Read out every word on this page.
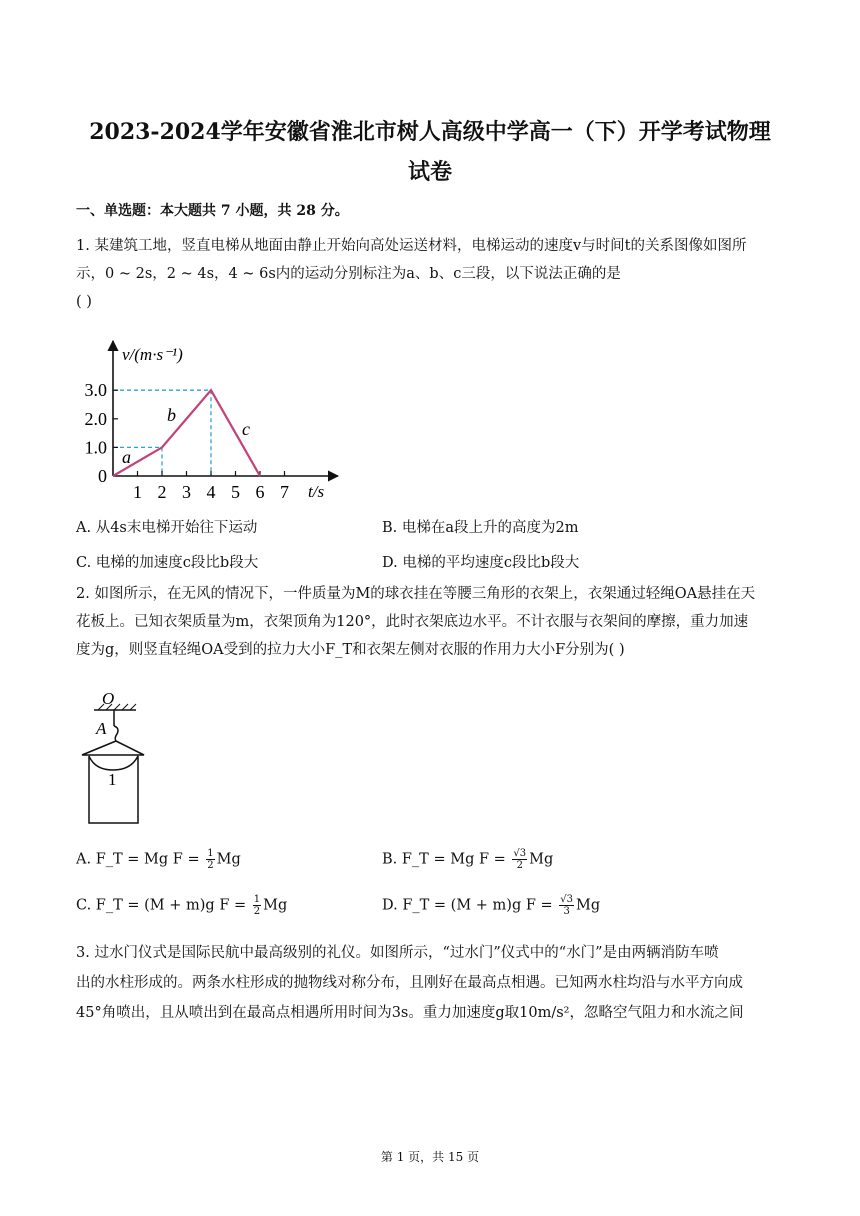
2023-2024学年安徽省淮北市树人高级中学高一（下）开学考试物理
试卷
一、单选题：本大题共 7 小题，共 28 分。
1. 某建筑工地，竖直电梯从地面由静止开始向高处运送材料，电梯运动的速度v与时间t的关系图像如图所
示，0 ~ 2s，2 ~ 4s，4 ~ 6s内的运动分别标注为a、b、c三段，以下说法正确的是
( )
1 2 3 4 5 6 7
3.0
2.0
1.0
0
v/(m·s⁻¹)
t/s
a
b
c
A. 从4s末电梯开始往下运动	B. 电梯在a段上升的高度为2m
C. 电梯的加速度c段比b段大	D. 电梯的平均速度c段比b段大
2. 如图所示，在无风的情况下，一件质量为M的球衣挂在等腰三角形的衣架上，衣架通过轻绳OA悬挂在天
花板上。已知衣架质量为m，衣架顶角为120°，此时衣架底边水平。不计衣服与衣架间的摩擦，重力加速
度为g，则竖直轻绳OA受到的拉力大小F_T和衣架左侧对衣服的作用力大小F分别为( )
O
A
1
A. F_T = Mg $F = \frac{1}{2}$ Mg	B. F_T = Mg $F = \frac{√3}{2}$ Mg
C. F_T = (M + m)g $F = \frac{1}{2}$ Mg	D. F_T = (M + m)g $F = \frac{√3}{3}$ Mg
3. 过水门仪式是国际民航中最高级别的礼仪。如图所示，“过水门”仪式中的“水门”是由两辆消防车喷
出的水柱形成的。两条水柱形成的抛物线对称分布，且刚好在最高点相遇。已知两水柱均沿与水平方向成
45°角喷出，且从喷出到在最高点相遇所用时间为3s。重力加速度g取10m/s²，忽略空气阻力和水流之间
第 1 页，共 15 页
